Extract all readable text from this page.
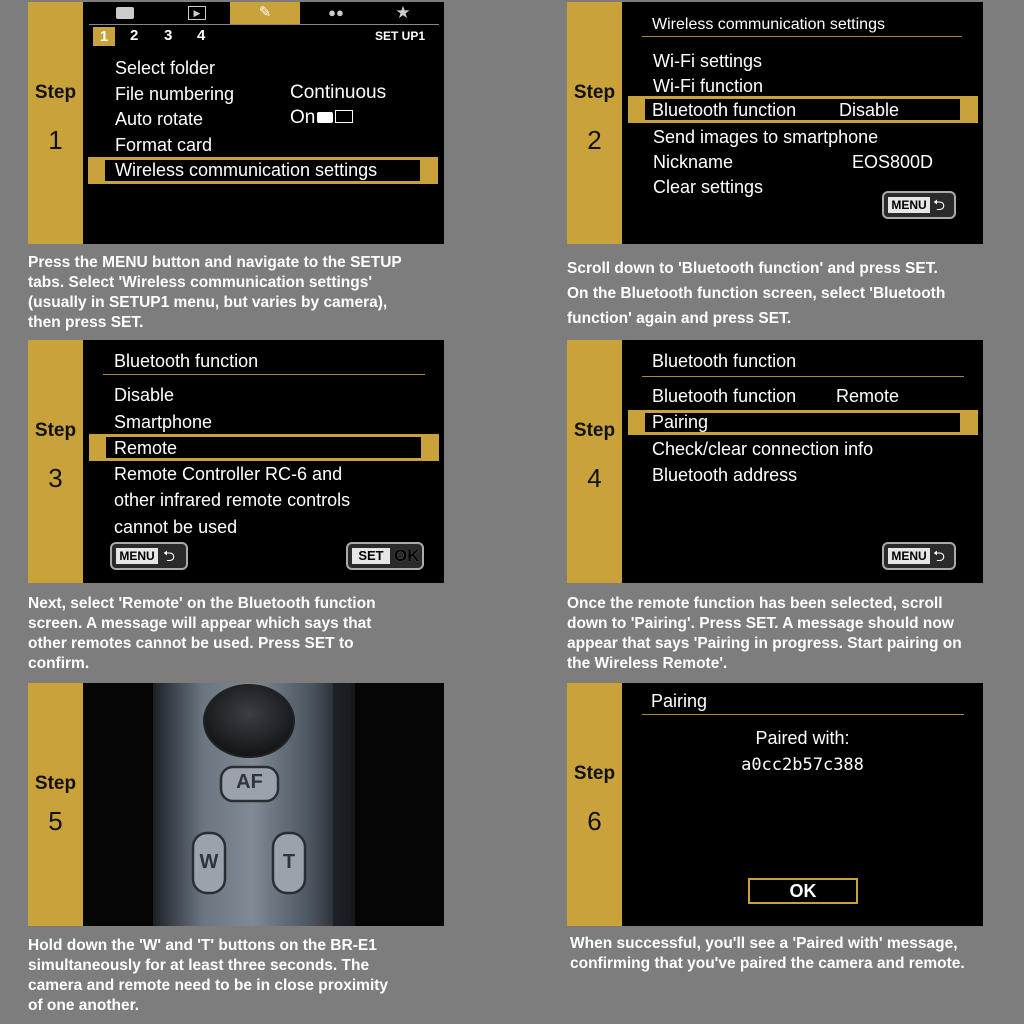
Step
1
▶	✎	●●	★
1	2 3 4	SET UP1
Select folder
File numbering	Continuous
Auto rotate	On
Format card
Wireless communication settings
Press the MENU button and navigate to the SETUP
tabs. Select 'Wireless communication settings'
(usually in SETUP1 menu, but varies by camera),
then press SET.
Step
2
Wireless communication settings
Wi-Fi settings
Wi-Fi function
Bluetooth function Disable
Send images to smartphone
Nickname	EOS800D
Clear settings
MENU ⮌
Scroll down to 'Bluetooth function' and press SET.
On the Bluetooth function screen, select 'Bluetooth
function' again and press SET.
Step
3
Bluetooth function
Disable
Smartphone
Remote
Remote Controller RC-6 and
other infrared remote controls
cannot be used
MENU ⮌	SET OK
Next, select 'Remote' on the Bluetooth function
screen. A message will appear which says that
other remotes cannot be used. Press SET to
confirm.
Step
4
Bluetooth function
Bluetooth function Remote
Pairing
Check/clear connection info
Bluetooth address
MENU ⮌
Once the remote function has been selected, scroll
down to 'Pairing'. Press SET. A message should now
appear that says 'Pairing in progress. Start pairing on
the Wireless Remote'.
Step
5
AF
W	T
Hold down the 'W' and 'T' buttons on the BR-E1
simultaneously for at least three seconds. The
camera and remote need to be in close proximity
of one another.
Step
6
Pairing
Paired with:
a0cc2b57c388
OK
When successful, you'll see a 'Paired with' message,
confirming that you've paired the camera and remote.
